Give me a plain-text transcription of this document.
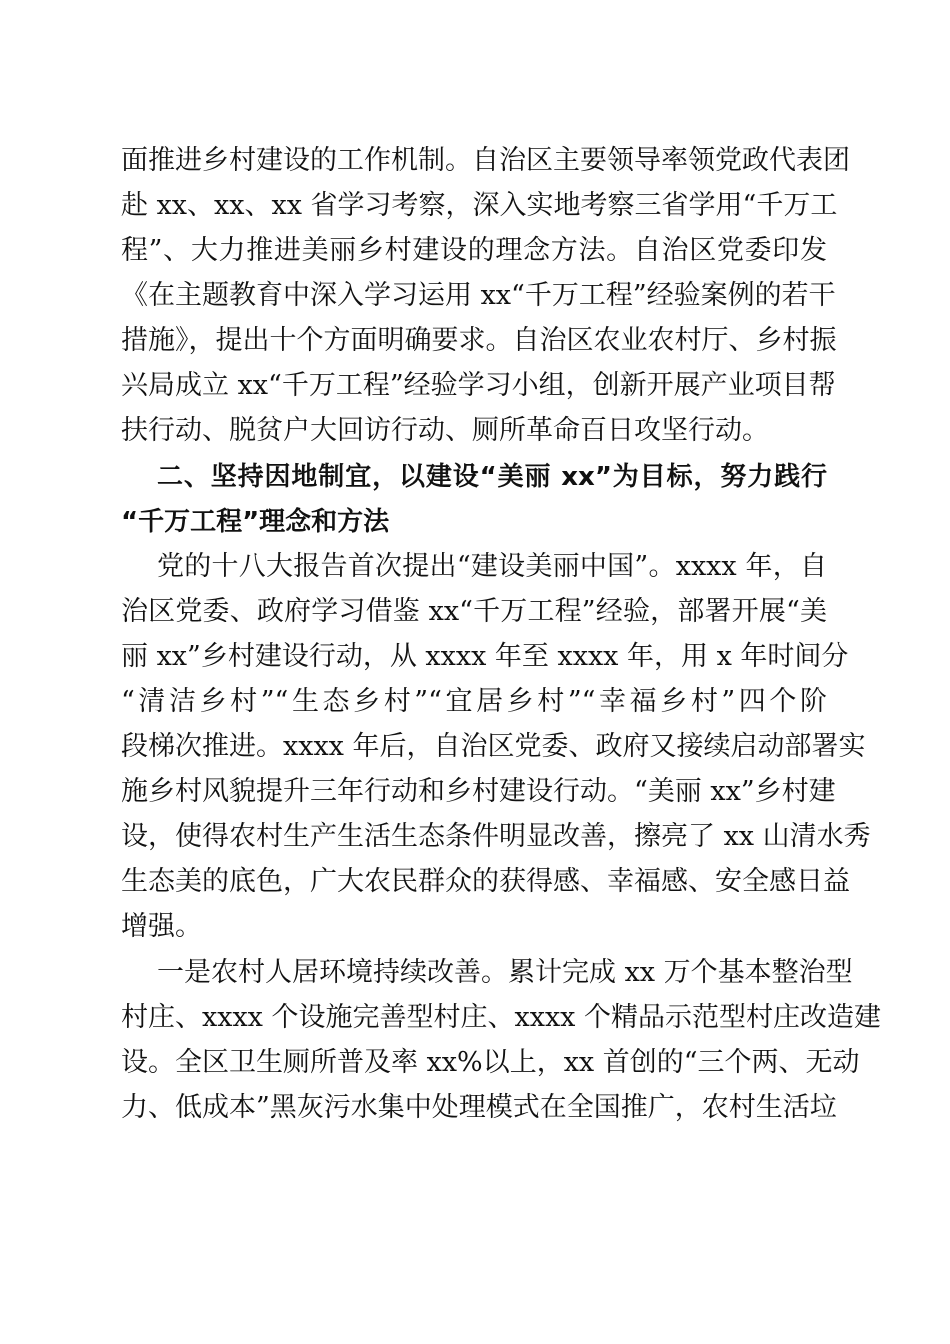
面推进乡村建设的工作机制。自治区主要领导率领党政代表团
赴 xx、xx、xx 省学习考察，深入实地考察三省学用“千万工
程”、大力推进美丽乡村建设的理念方法。自治区党委印发
《在主题教育中深入学习运用 xx“千万工程”经验案例的若干
措施》，提出十个方面明确要求。自治区农业农村厅、乡村振
兴局成立 xx“千万工程”经验学习小组，创新开展产业项目帮
扶行动、脱贫户大回访行动、厕所革命百日攻坚行动。
二、坚持因地制宜，以建设“美丽 xx”为目标，努力践行
“千万工程”理念和方法
党的十八大报告首次提出“建设美丽中国”。xxxx 年，自
治区党委、政府学习借鉴 xx“千万工程”经验，部署开展“美
丽 xx”乡村建设行动，从 xxxx 年至 xxxx 年，用 x 年时间分
“清洁乡村”“生态乡村”“宜居乡村”“幸福乡村”四个阶
段梯次推进。xxxx 年后，自治区党委、政府又接续启动部署实
施乡村风貌提升三年行动和乡村建设行动。“美丽 xx”乡村建
设，使得农村生产生活生态条件明显改善，擦亮了 xx 山清水秀
生态美的底色，广大农民群众的获得感、幸福感、安全感日益
增强。
一是农村人居环境持续改善。累计完成 xx 万个基本整治型
村庄、xxxx 个设施完善型村庄、xxxx 个精品示范型村庄改造建
设。全区卫生厕所普及率 xx%以上，xx 首创的“三个两、无动
力、低成本”黑灰污水集中处理模式在全国推广，农村生活垃
